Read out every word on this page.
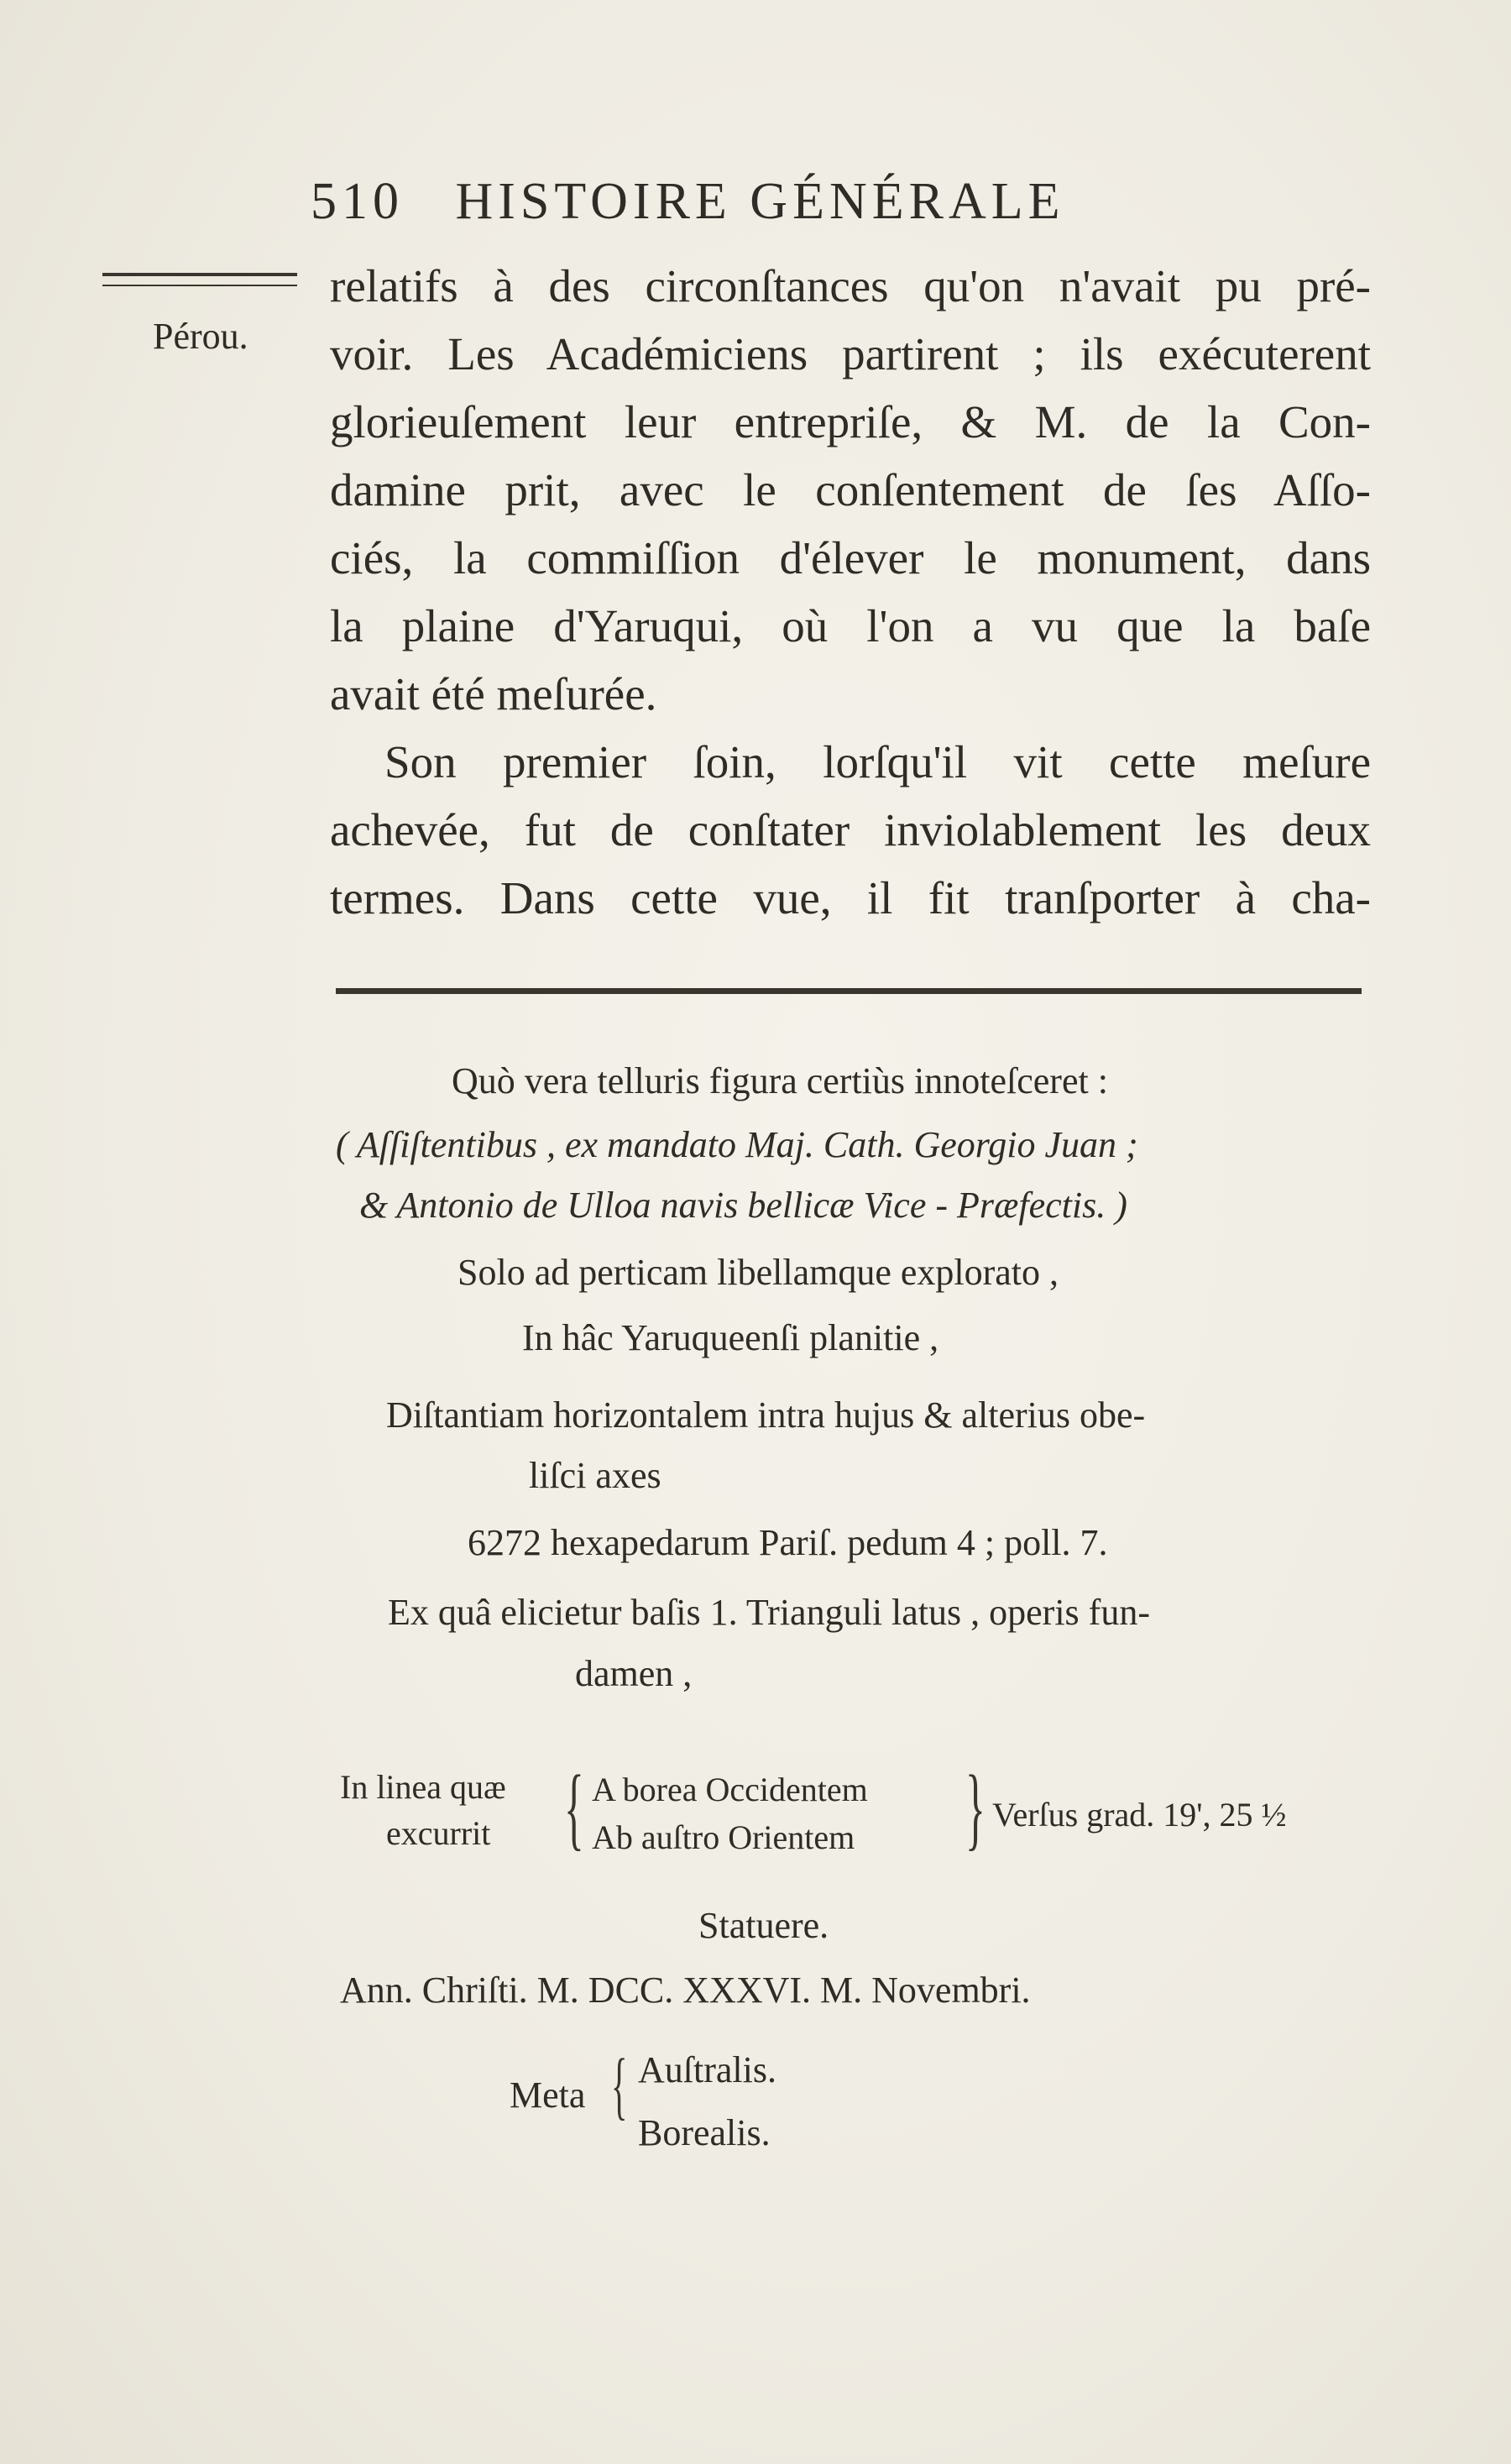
510 HISTOIRE GÉNÉRALE
Pérou.
relatifs à des circonſtances qu'on n'avait pu pré-
voir. Les Académiciens partirent ; ils exécuterent
glorieuſement leur entrepriſe, & M. de la Con-
damine prit, avec le conſentement de ſes Aſſo-
ciés, la commiſſion d'élever le monument, dans
la plaine d'Yaruqui, où l'on a vu que la baſe
avait été meſurée.
Son premier ſoin, lorſqu'il vit cette meſure
achevée, fut de conſtater inviolablement les deux
termes. Dans cette vue, il fit tranſporter à cha-
Quò vera telluris figura certiùs innoteſceret :
( Aſſiſtentibus , ex mandato Maj. Cath. Georgio Juan ;
& Antonio de Ulloa navis bellicæ Vice - Præfectis. )
Solo ad perticam libellamque explorato ,
In hâc Yaruqueenſi planitie ,
Diſtantiam horizontalem intra hujus & alterius obe-
liſci axes
6272 hexapedarum Pariſ. pedum 4 ; poll. 7.
Ex quâ elicietur baſis 1. Trianguli latus , operis fun-
damen ,
In linea quæ
excurrit { A borea Occidentem
Ab auſtro Orientem } Verſus grad. 19', 25 ½
Statuere.
Ann. Chriſti. M. DCC. XXXVI. M. Novembri.
Meta { Auſtralis.
Borealis.
